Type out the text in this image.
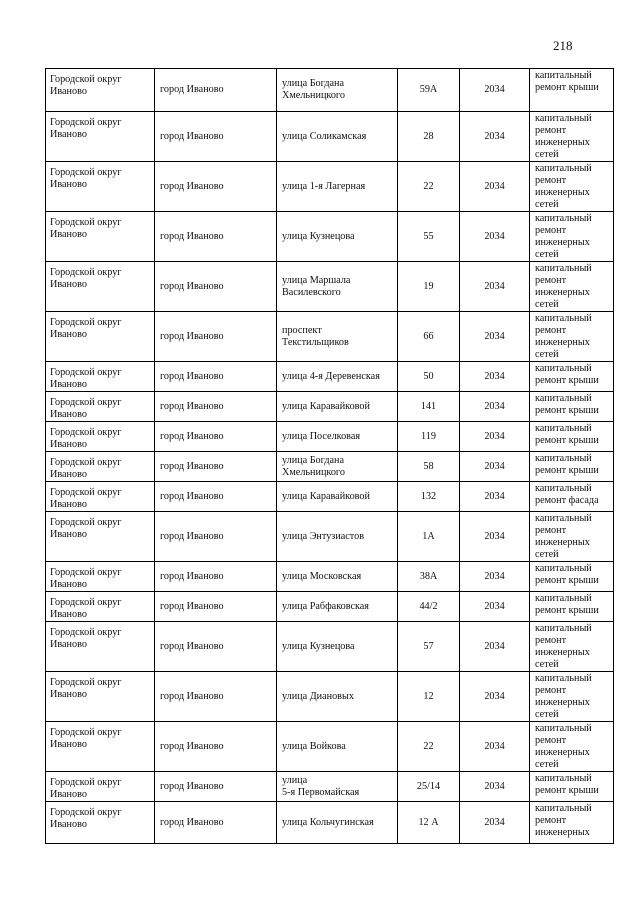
218
Городской округ Иваново	город Иваново	улица Богдана
Хмельницкого	59А	2034	капитальный ремонт крыши
Городской округ Иваново	город Иваново	улица Соликамская	28	2034	капитальный ремонт инженерных сетей
Городской округ Иваново	город Иваново	улица 1-я Лагерная	22	2034	капитальный ремонт инженерных сетей
Городской округ Иваново	город Иваново	улица Кузнецова	55	2034	капитальный ремонт инженерных сетей
Городской округ Иваново	город Иваново	улица Маршала
Василевского	19	2034	капитальный ремонт инженерных сетей
Городской округ Иваново	город Иваново	проспект
Текстильщиков	66	2034	капитальный ремонт инженерных сетей
Городской округ Иваново	город Иваново	улица 4-я Деревенская	50	2034	капитальный ремонт крыши
Городской округ Иваново	город Иваново	улица Каравайковой	141	2034	капитальный ремонт крыши
Городской округ Иваново	город Иваново	улица Поселковая	119	2034	капитальный ремонт крыши
Городской округ Иваново	город Иваново	улица Богдана
Хмельницкого	58	2034	капитальный ремонт крыши
Городской округ Иваново	город Иваново	улица Каравайковой	132	2034	капитальный ремонт фасада
Городской округ Иваново	город Иваново	улица Энтузиастов	1А	2034	капитальный ремонт инженерных сетей
Городской округ Иваново	город Иваново	улица Московская	38А	2034	капитальный ремонт крыши
Городской округ Иваново	город Иваново	улица Рабфаковская	44/2	2034	капитальный ремонт крыши
Городской округ Иваново	город Иваново	улица Кузнецова	57	2034	капитальный ремонт инженерных сетей
Городской округ Иваново	город Иваново	улица Диановых	12	2034	капитальный ремонт инженерных сетей
Городской округ Иваново	город Иваново	улица Войкова	22	2034	капитальный ремонт инженерных сетей
Городской округ Иваново	город Иваново	улица
5-я Первомайская	25/14	2034	капитальный ремонт крыши
Городской округ Иваново	город Иваново	улица Кольчугинская	12 А	2034	капитальный ремонт инженерных
